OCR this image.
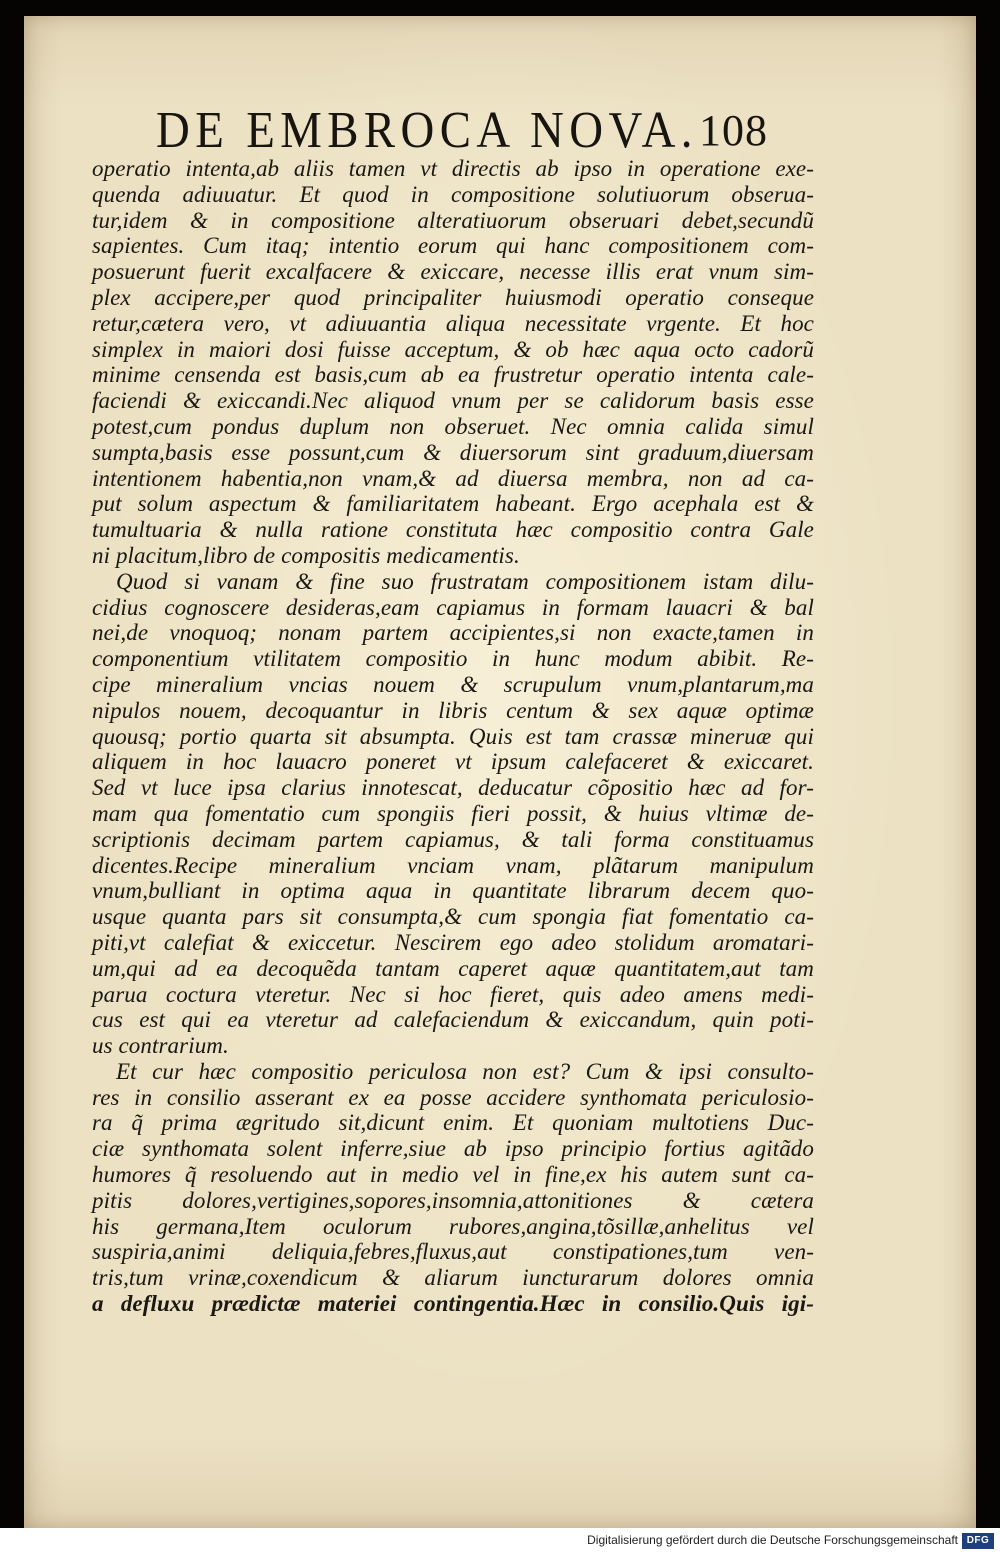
DE EMBROCA NOVA. 108
operatio intenta,ab aliis tamen vt directis ab ipso in operatione exe-
quenda adiuuatur. Et quod in compositione solutiuorum obserua-
tur,idem & in compositione alteratiuorum obseruari debet,secundũ
sapientes. Cum itaq; intentio eorum qui hanc compositionem com-
posuerunt fuerit excalfacere & exiccare, necesse illis erat vnum sim-
plex accipere,per quod principaliter huiusmodi operatio conseque
retur,cætera vero, vt adiuuantia aliqua necessitate vrgente. Et hoc
simplex in maiori dosi fuisse acceptum, & ob hæc aqua octo cadorũ
minime censenda est basis,cum ab ea frustretur operatio intenta cale-
faciendi & exiccandi.Nec aliquod vnum per se calidorum basis esse
potest,cum pondus duplum non obseruet. Nec omnia calida simul
sumpta,basis esse possunt,cum & diuersorum sint graduum,diuersam
intentionem habentia,non vnam,& ad diuersa membra, non ad ca-
put solum aspectum & familiaritatem habeant. Ergo acephala est &
tumultuaria & nulla ratione constituta hæc compositio contra Gale
ni placitum,libro de compositis medicamentis.
Quod si vanam & fine suo frustratam compositionem istam dilu-
cidius cognoscere desideras,eam capiamus in formam lauacri & bal
nei,de vnoquoq; nonam partem accipientes,si non exacte,tamen in
componentium vtilitatem compositio in hunc modum abibit. Re-
cipe mineralium vncias nouem & scrupulum vnum,plantarum,ma
nipulos nouem, decoquantur in libris centum & sex aquæ optimæ
quousq; portio quarta sit absumpta. Quis est tam crassæ mineruæ qui
aliquem in hoc lauacro poneret vt ipsum calefaceret & exiccaret.
Sed vt luce ipsa clarius innotescat, deducatur cõpositio hæc ad for-
mam qua fomentatio cum spongiis fieri possit, & huius vltimæ de-
scriptionis decimam partem capiamus, & tali forma constituamus
dicentes.Recipe mineralium vnciam vnam, plãtarum manipulum
vnum,bulliant in optima aqua in quantitate librarum decem quo-
usque quanta pars sit consumpta,& cum spongia fiat fomentatio ca-
piti,vt calefiat & exiccetur. Nescirem ego adeo stolidum aromatari-
um,qui ad ea decoquẽda tantam caperet aquæ quantitatem,aut tam
parua coctura vteretur. Nec si hoc fieret, quis adeo amens medi-
cus est qui ea vteretur ad calefaciendum & exiccandum, quin poti-
us contrarium.
Et cur hæc compositio periculosa non est? Cum & ipsi consulto-
res in consilio asserant ex ea posse accidere synthomata periculosio-
ra q̃ prima ægritudo sit,dicunt enim. Et quoniam multotiens Duc-
ciæ synthomata solent inferre,siue ab ipso principio fortius agitãdo
humores q̃ resoluendo aut in medio vel in fine,ex his autem sunt ca-
pitis dolores,vertigines,sopores,insomnia,attonitiones & cætera
his germana,Item oculorum rubores,angina,tõsillæ,anhelitus vel
suspiria,animi deliquia,febres,fluxus,aut constipationes,tum ven-
tris,tum vrinæ,coxendicum & aliarum iuncturarum dolores omnia
a defluxu prædictæ materiei contingentia.Hæc in consilio.Quis igi-
Digitalisierung gefördert durch die Deutsche Forschungsgemeinschaft DFG
